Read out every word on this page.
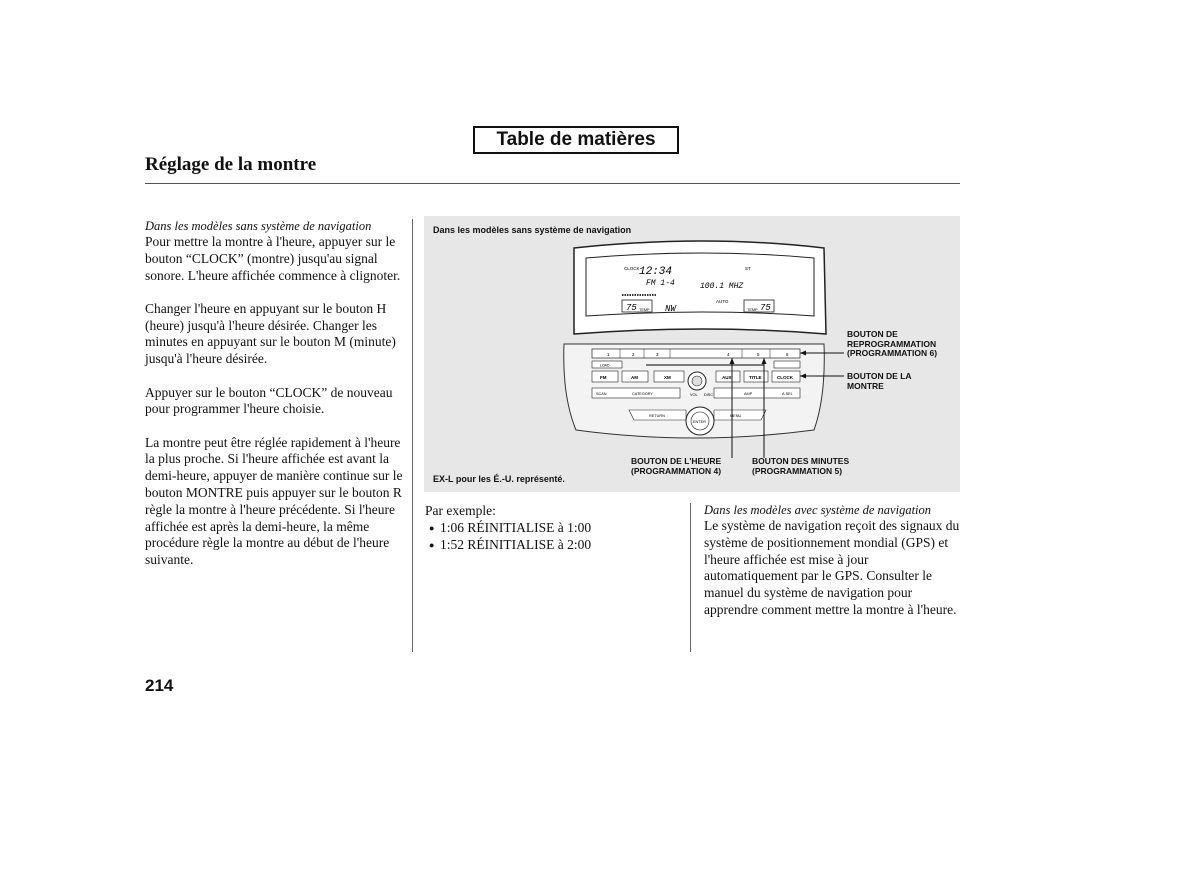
Table de matières
Réglage de la montre
Dans les modèles sans système de navigation

Pour mettre la montre à l'heure, appuyer sur le bouton “CLOCK” (montre) jusqu'au signal sonore. L'heure affichée commence à clignoter.

Changer l'heure en appuyant sur le bouton H (heure) jusqu'à l'heure désirée. Changer les minutes en appuyant sur le bouton M (minute) jusqu'à l'heure désirée.

Appuyer sur le bouton “CLOCK” de nouveau pour programmer l'heure choisie.

La montre peut être réglée rapidement à l'heure la plus proche. Si l'heure affichée est avant la demi-heure, appuyer de manière continue sur le bouton MONTRE puis appuyer sur le bouton R règle la montre à l'heure précédente. Si l'heure affichée est après la demi-heure, la même procédure règle la montre au début de l'heure suivante.

Dans les modèles sans système de navigation
EX-L pour les É.-U. représenté.
CLOCK 12:34	ST
FM 1-4	100.1 MHZ
AUTO
75 TEMP NW	TEMP 75
1	2	3	4	5	6
LOAD
FM	AM	XM	AUX	TITLE	CLOCK
VOL DISC
SCAN	CATEGORY	AMP	A.SEL
RETURN	MENU
ENTER
BOUTON DE
REPROGRAMMATION
(PROGRAMMATION 6)
BOUTON DE LA
MONTRE
BOUTON DE L'HEURE
(PROGRAMMATION 4)
BOUTON DES MINUTES
(PROGRAMMATION 5)
Par exemple:
● 1:06 RÉINITIALISE à 1:00
● 1:52 RÉINITIALISE à 2:00
Dans les modèles avec système de navigation

Le système de navigation reçoit des signaux du système de positionnement mondial (GPS) et l'heure affichée est mise à jour automatiquement par le GPS. Consulter le manuel du système de navigation pour apprendre comment mettre la montre à l'heure.

214
